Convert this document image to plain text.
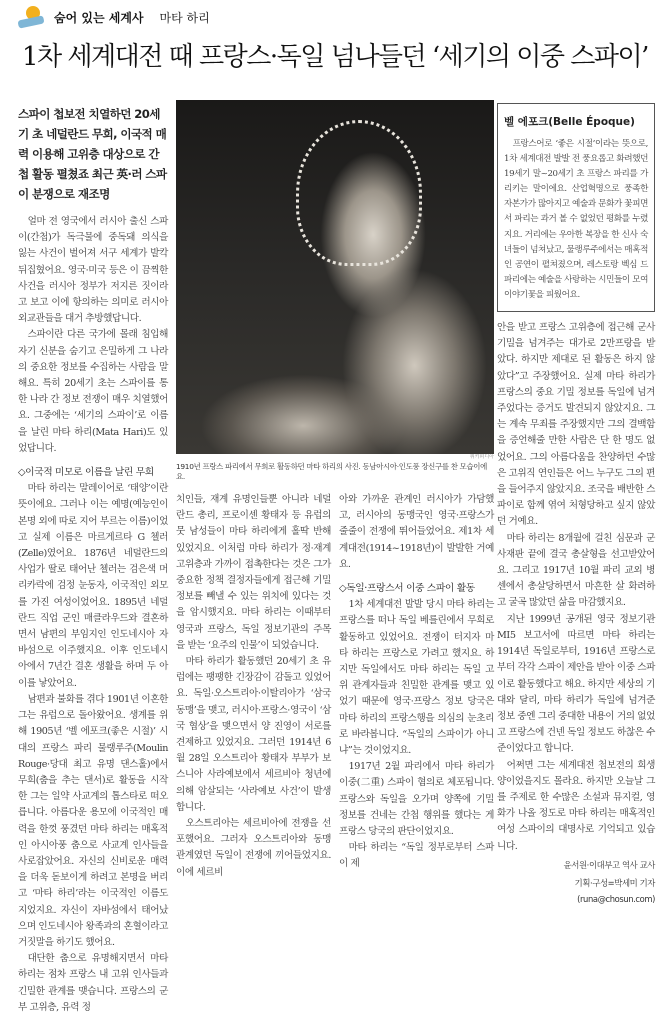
숨어 있는 세계사 마타 하리
1차 세계대전 때 프랑스·독일 넘나들던 ‘세기의 이중 스파이’
스파이 첩보전 치열하던 20세기 초 네덜란드 무희, 이국적 매력 이용해 고위층 대상으로 간첩 활동 펼쳤죠 최근 英·러 스파이 분쟁으로 재조명

얼마 전 영국에서 러시아 출신 스파이(간첩)가 독극물에 중독돼 의식을 잃는 사건이 벌어져 서구 세계가 발칵 뒤집혔어요. 영국·미국 등은 이 끔찍한 사건을 러시아 정부가 저지른 짓이라고 보고 이에 항의하는 의미로 러시아 외교관들을 대거 추방했답니다.

스파이란 다른 국가에 몰래 침입해 자기 신분을 숨기고 은밀하게 그 나라의 중요한 정보를 수집하는 사람을 말해요. 특히 20세기 초는 스파이를 통한 나라 간 정보 전쟁이 매우 치열했어요. 그중에는 ‘세기의 스파이’로 이름을 날린 마타 하리(Mata Hari)도 있었답니다.

◇이국적 미모로 이름을 날린 무희

마타 하리는 말레이어로 ‘태양’이란 뜻이에요. 그러나 이는 예명(예능인이 본명 외에 따로 지어 부르는 이름)이었고 실제 이름은 마르게르타 G 첼러(Zelle)였어요. 1876년 네덜란드의 사업가 딸로 태어난 첼러는 검은색 머리카락에 검정 눈동자, 이국적인 외모를 가진 여성이었어요. 1895년 네덜란드 직업 군인 매클라우드와 결혼하면서 남편의 부임지인 인도네시아 자바섬으로 이주했지요. 이후 인도네시아에서 7년간 결혼 생활을 하며 두 아이를 낳았어요.

남편과 불화를 겪다 1901년 이혼한 그는 유럽으로 돌아왔어요. 생계를 위해 1905년 ‘벨 에포크(좋은 시절)’ 시대의 프랑스 파리 물랭루주(Moulin Rouge·당대 최고 유명 댄스홀)에서 무희(춤을 추는 댄서)로 활동을 시작한 그는 일약 사교계의 톱스타로 떠오릅니다. 아름다운 용모에 이국적인 매력을 한껏 풍겼던 마타 하리는 매혹적인 아시아풍 춤으로 사교계 인사들을 사로잡았어요. 자신의 신비로운 매력을 더욱 돋보이게 하려고 본명을 버리고 ‘마타 하리’라는 이국적인 이름도 지었지요. 자신이 자바섬에서 태어났으며 인도네시아 왕족과의 혼혈이라고 거짓말을 하기도 했어요.

대단한 춤으로 유명해지면서 마타 하리는 점차 프랑스 내 고위 인사들과 긴밀한 관계를 맺습니다. 프랑스의 군부 고위층, 유력 정

위키피디아
1910년 프랑스 파리에서 무희로 활동하던 마타 하리의 사진. 동남아시아·인도풍 장신구를 찬 모습이에요.

치인들, 재계 유명인들뿐 아니라 네덜란드 총리, 프로이센 황태자 등 유럽의 뭇 남성들이 마타 하리에게 홀딱 반해 있었지요. 이처럼 마타 하리가 정·재계 고위층과 가까이 접촉한다는 것은 그가 중요한 정책 결정자들에게 접근해 기밀 정보를 빼낼 수 있는 위치에 있다는 것을 암시했지요. 마타 하리는 이때부터 영국과 프랑스, 독일 정보기관의 주목을 받는 ‘요주의 인물’이 되었습니다.

마타 하리가 활동했던 20세기 초 유럽에는 팽팽한 긴장감이 감돌고 있었어요. 독일·오스트리아·이탈리아가 ‘삼국 동맹’을 맺고, 러시아·프랑스·영국이 ‘삼국 협상’을 맺으면서 양 진영이 서로를 견제하고 있었지요. 그러던 1914년 6월 28일 오스트리아 황태자 부부가 보스니아 사라예보에서 세르비아 청년에 의해 암살되는 ‘사라예보 사건’이 발생합니다.

오스트리아는 세르비아에 전쟁을 선포했어요. 그러자 오스트리아와 동맹 관계였던 독일이 전쟁에 끼어들었지요. 이에 세르비

아와 가까운 관계인 러시아가 가담했고, 러시아의 동맹국인 영국·프랑스가 줄줄이 전쟁에 뛰어들었어요. 제1차 세계대전(1914~1918년)이 발발한 거예요.

◇독일·프랑스서 이중 스파이 활동

1차 세계대전 발발 당시 마타 하리는 프랑스를 떠나 독일 베를린에서 무희로 활동하고 있었어요. 전쟁이 터지자 마타 하리는 프랑스로 가려고 했지요. 하지만 독일에서도 마타 하리는 독일 고위 관계자들과 친밀한 관계를 맺고 있었기 때문에 영국·프랑스 정보 당국은 마타 하리의 프랑스행을 의심의 눈초리로 바라봅니다. “독일의 스파이가 아니냐”는 것이었지요.

1917년 2월 파리에서 마타 하리가 이중(二重) 스파이 혐의로 체포됩니다. 프랑스와 독일을 오가며 양쪽에 기밀 정보를 건네는 간첩 행위를 했다는 게 프랑스 당국의 판단이었지요.

마타 하리는 “독일 정부로부터 스파이 제

벨 에포크(Belle Époque)

프랑스어로 ‘좋은 시절’이라는 뜻으로, 1차 세계대전 발발 전 풍요롭고 화려했던 19세기 말~20세기 초 프랑스 파리를 가리키는 말이에요. 산업혁명으로 풍족한 자본가가 많아지고 예술과 문화가 꽃피면서 파리는 과거 볼 수 없었던 평화를 누렸지요. 거리에는 우아한 복장을 한 신사 숙녀들이 넘쳐났고, 물랭루주에서는 매혹적인 공연이 펼쳐졌으며, 레스토랑 벡심 드 파리에는 예술을 사랑하는 시민들이 모여 이야기꽃을 피웠어요.

안을 받고 프랑스 고위층에 접근해 군사 기밀을 넘겨주는 대가로 2만프랑을 받았다. 하지만 제대로 된 활동은 하지 않았다”고 주장했어요. 실제 마타 하리가 프랑스의 중요 기밀 정보를 독일에 넘겨주었다는 증거도 발견되지 않았지요. 그는 계속 무죄를 주장했지만 그의 결백함을 증언해줄 만한 사람은 단 한 명도 없었어요. 그의 아름다움을 찬양하던 수많은 고위직 연인들은 어느 누구도 그의 편을 들어주지 않았지요. 조국을 배반한 스파이로 함께 엮여 처형당하고 싶지 않았던 거예요.

마타 하리는 8개월에 걸친 심문과 군사재판 끝에 결국 총살형을 선고받았어요. 그리고 1917년 10월 파리 교외 병센에서 총살당하면서 마흔한 살 화려하고 굴곡 많았던 삶을 마감했지요.

지난 1999년 공개된 영국 정보기관 MI5 보고서에 따르면 마타 하리는 1914년 독일로부터, 1916년 프랑스로부터 각각 스파이 제안을 받아 이중 스파이로 활동했다고 해요. 하지만 세상의 기대와 달리, 마타 하리가 독일에 넘겨준 정보 중엔 그리 중대한 내용이 거의 없었고 프랑스에 건넨 독일 정보도 하찮은 수준이었다고 합니다.

어쩌면 그는 세계대전 첩보전의 희생양이었을지도 몰라요. 하지만 오늘날 그를 주제로 한 수많은 소설과 뮤지컬, 영화가 나올 정도로 마타 하리는 매혹적인 여성 스파이의 대명사로 기억되고 있습니다.

윤서원·이대부고 역사 교사
기획·구성=박세미 기자(runa@chosun.com)
